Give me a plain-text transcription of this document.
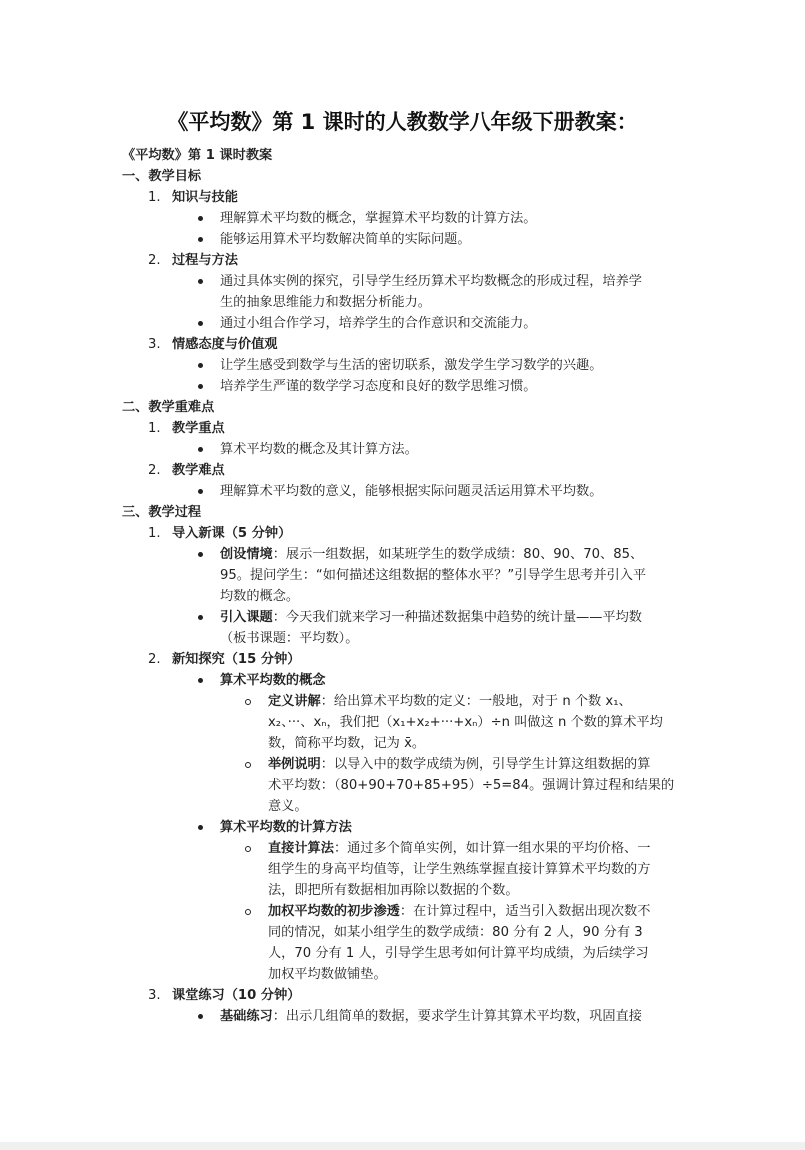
《平均数》第 1 课时的人教数学八年级下册教案：

《平均数》第 1 课时教案

一、教学目标

1. 知识与技能

理解算术平均数的概念，掌握算术平均数的计算方法。

能够运用算术平均数解决简单的实际问题。

2. 过程与方法

通过具体实例的探究，引导学生经历算术平均数概念的形成过程，培养学

生的抽象思维能力和数据分析能力。

通过小组合作学习，培养学生的合作意识和交流能力。

3. 情感态度与价值观

让学生感受到数学与生活的密切联系，激发学生学习数学的兴趣。

培养学生严谨的数学学习态度和良好的数学思维习惯。

二、教学重难点

1. 教学重点

算术平均数的概念及其计算方法。

2. 教学难点

理解算术平均数的意义，能够根据实际问题灵活运用算术平均数。

三、教学过程

1. 导入新课（5 分钟）

创设情境：展示一组数据，如某班学生的数学成绩：80、90、70、85、

95。提问学生：“如何描述这组数据的整体水平？”引导学生思考并引入平

均数的概念。

引入课题：今天我们就来学习一种描述数据集中趋势的统计量——平均数

（板书课题：平均数）。

2. 新知探究（15 分钟）

算术平均数的概念

定义讲解：给出算术平均数的定义：一般地，对于 n 个数 x₁、

x₂、···、xₙ，我们把（x₁+x₂+···+xₙ）÷n 叫做这 n 个数的算术平均

数，简称平均数，记为 x̄。

举例说明：以导入中的数学成绩为例，引导学生计算这组数据的算

术平均数：（80+90+70+85+95）÷5=84。强调计算过程和结果的

意义。

算术平均数的计算方法

直接计算法：通过多个简单实例，如计算一组水果的平均价格、一

组学生的身高平均值等，让学生熟练掌握直接计算算术平均数的方

法，即把所有数据相加再除以数据的个数。

加权平均数的初步渗透：在计算过程中，适当引入数据出现次数不

同的情况，如某小组学生的数学成绩：80 分有 2 人，90 分有 3

人，70 分有 1 人，引导学生思考如何计算平均成绩，为后续学习

加权平均数做铺垫。

3. 课堂练习（10 分钟）

基础练习：出示几组简单的数据，要求学生计算其算术平均数，巩固直接
